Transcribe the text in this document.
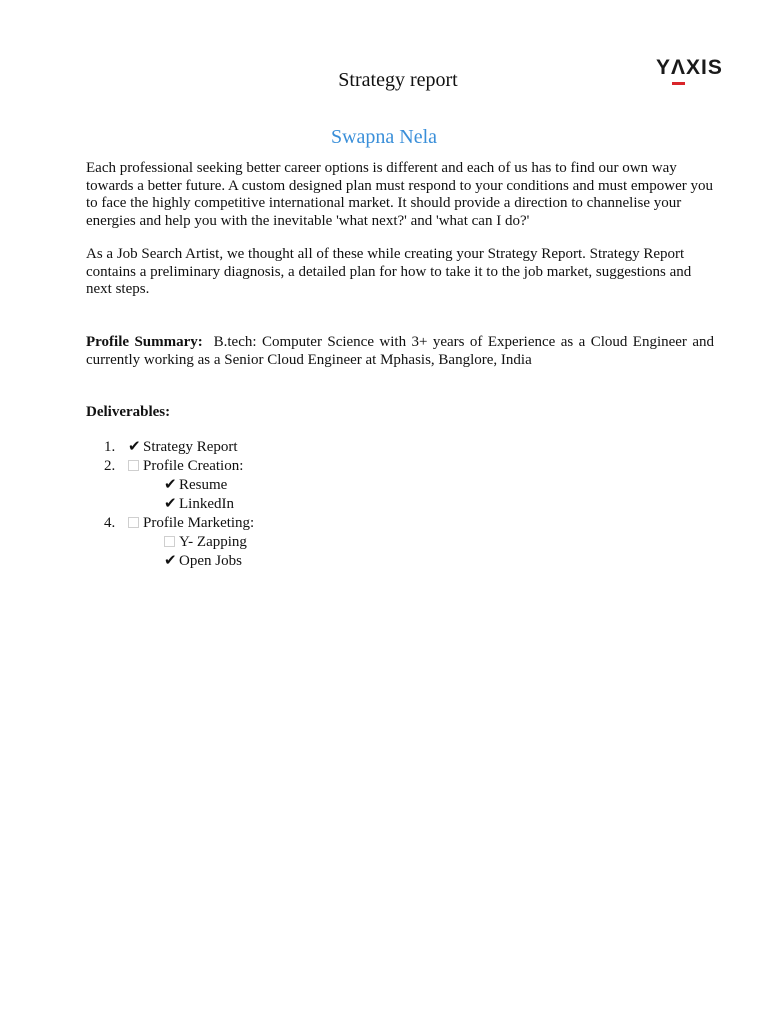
YΛXIS
Strategy report
Swapna Nela

Each professional seeking better career options is different and each of us has to find our own way towards a better future. A custom designed plan must respond to your conditions and must empower you to face the highly competitive international market. It should provide a direction to channelise your energies and help you with the inevitable 'what next?' and 'what can I do?'

As a Job Search Artist, we thought all of these while creating your Strategy Report. Strategy Report contains a preliminary diagnosis, a detailed plan for how to take it to the job market, suggestions and next steps.

Profile Summary: B.tech: Computer Science with 3+ years of Experience as a Cloud Engineer and currently working as a Senior Cloud Engineer at Mphasis, Banglore, India

Deliverables:
1. ✔ Strategy Report
2.	Profile Creation:
✔ Resume
✔ LinkedIn
4.	Profile Marketing:
Y- Zapping
✔ Open Jobs
